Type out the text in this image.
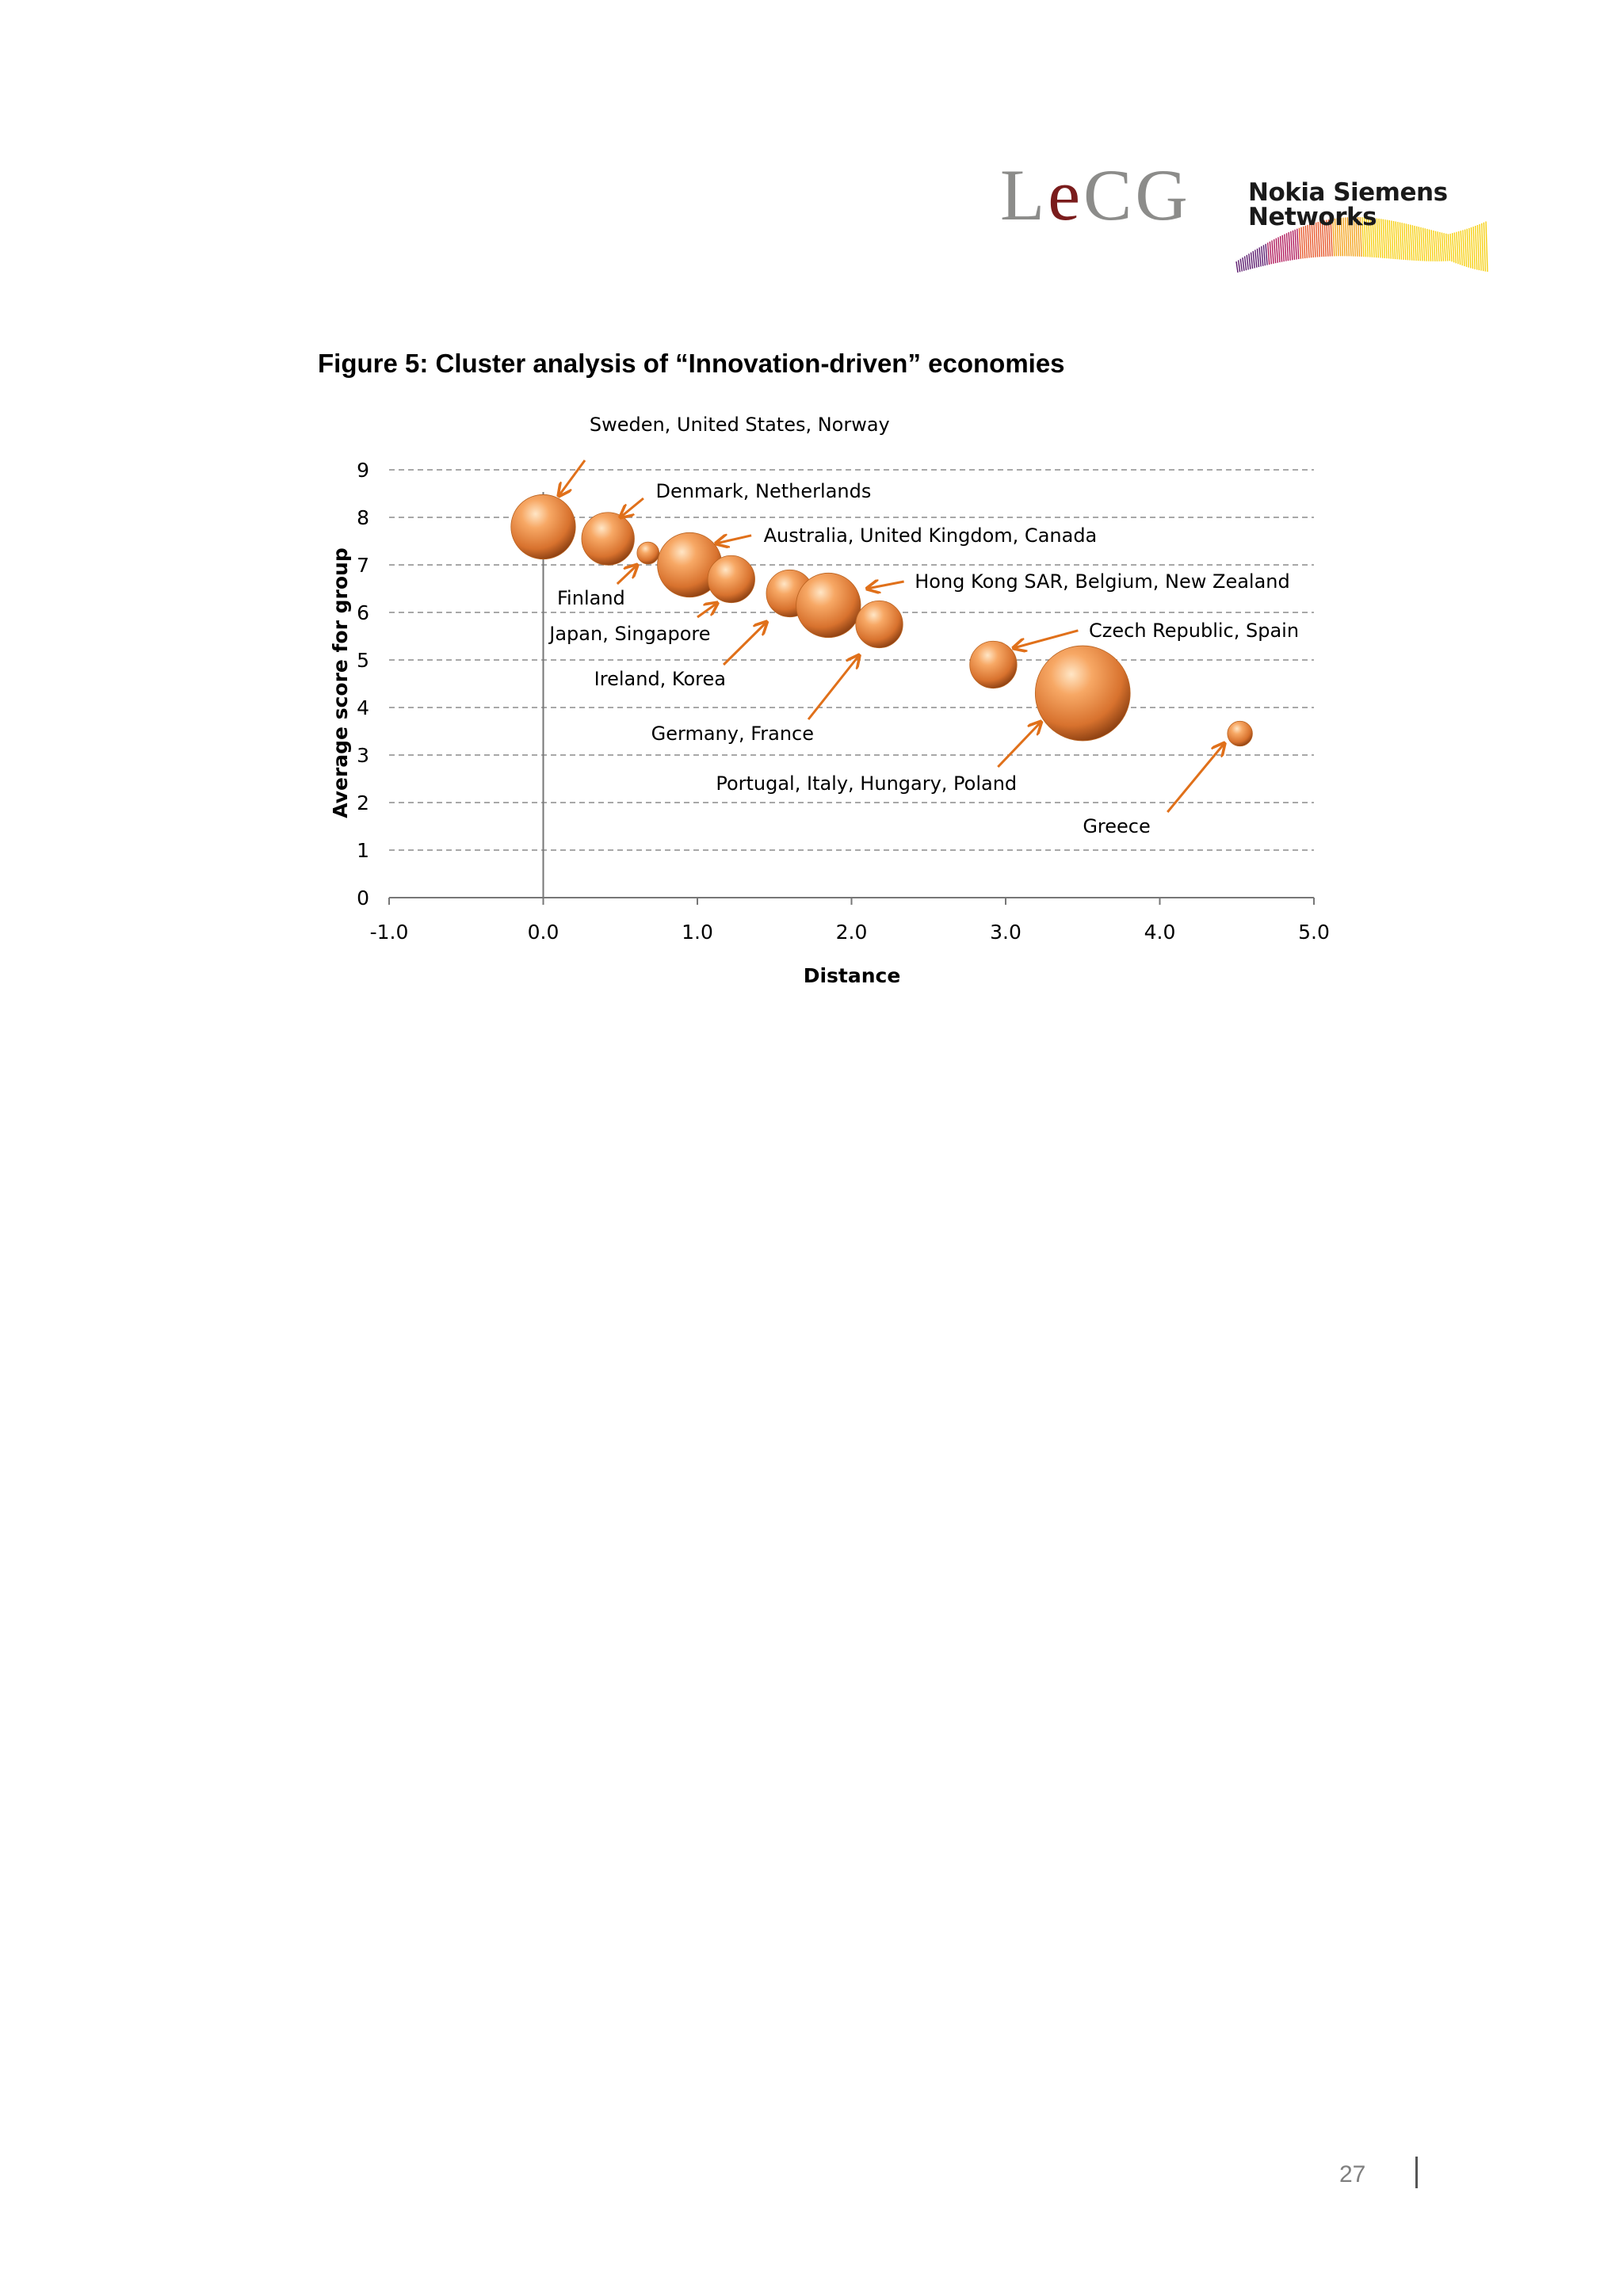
LeCG Nokia Siemens
Networks
Figure 5: Cluster analysis of “Innovation-driven” economies
0
1
2
3
4
5
6
7
8
9
-1.0	0.0	1.0	2.0	3.0	4.0	5.0
Sweden, United States, Norway
Denmark, Netherlands
Australia, United Kingdom, Canada
Finland
Hong Kong SAR, Belgium, New Zealand
Japan, Singapore	Czech Republic, Spain
Ireland, Korea
Germany, France
Portugal, Italy, Hungary, Poland
Greece
Distance
Average score for group
27
